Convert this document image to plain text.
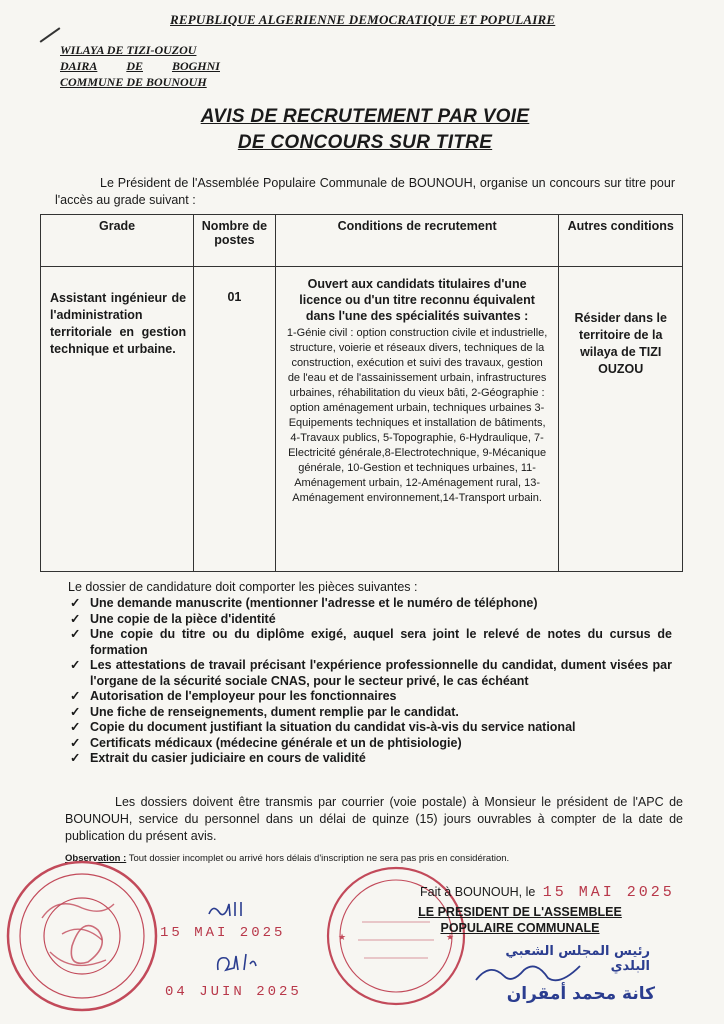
REPUBLIQUE ALGERIENNE DEMOCRATIQUE ET POPULAIRE
WILAYA DE TIZI-OUZOU
DAIRA DE BOGHNI
COMMUNE DE BOUNOUH
AVIS DE RECRUTEMENT PAR VOIE
DE CONCOURS SUR TITRE
Le Président de l'Assemblée Populaire Communale de BOUNOUH, organise un concours sur titre pour l'accès au grade suivant :
Grade	Nombre de postes	Conditions de recrutement	Autres conditions

Assistant ingénieur de l'administration territoriale en gestion technique et urbaine.	01	Ouvert aux candidats titulaires d'une licence ou d'un titre reconnu équivalent dans l'une des spécialités suivantes :
1-Génie civil : option construction civile et industrielle, structure, voierie et réseaux divers, techniques de la construction, exécution et suivi des travaux, gestion de l'eau et de l'assainissement urbain, infrastructures urbaines, réhabilitation du vieux bâti, 2-Géographie : option aménagement urbain, techniques urbaines 3-Equipements techniques et installation de bâtiments, 4-Travaux publics, 5-Topographie, 6-Hydraulique, 7-Electricité générale,8-Electrotechnique, 9-Mécanique générale, 10-Gestion et techniques urbaines, 11-Aménagement urbain, 12-Aménagement rural, 13-Aménagement environnement,14-Transport urbain.	Résider dans le territoire de la wilaya de TIZI OUZOU
Le dossier de candidature doit comporter les pièces suivantes :
✓ Une demande manuscrite (mentionner l'adresse et le numéro de téléphone)
✓ Une copie de la pièce d'identité
✓ Une copie du titre ou du diplôme exigé, auquel sera joint le relevé de notes du cursus de formation
✓ Les attestations de travail précisant l'expérience professionnelle du candidat, dument visées par l'organe de la sécurité sociale CNAS, pour le secteur privé, le cas échéant
✓ Autorisation de l'employeur pour les fonctionnaires
✓ Une fiche de renseignements, dument remplie par le candidat.
✓ Copie du document justifiant la situation du candidat vis-à-vis du service national
✓ Certificats médicaux (médecine générale et un de phtisiologie)
✓ Extrait du casier judiciaire en cours de validité
Les dossiers doivent être transmis par courrier (voie postale) à Monsieur le président de l'APC de BOUNOUH, service du personnel dans un délai de quinze (15) jours ouvrables à compter de la date de publication du présent avis.
Observation : Tout dossier incomplet ou arrivé hors délais d'inscription ne sera pas pris en considération.
15 MAI 2025
04 JUIN 2025
★	★
Fait à BOUNOUH, le 15 MAI 2025
LE PRESIDENT DE L'ASSEMBLEE
POPULAIRE COMMUNALE
رئيس المجلس الشعبي البلدي
كانة محمد أمقران
